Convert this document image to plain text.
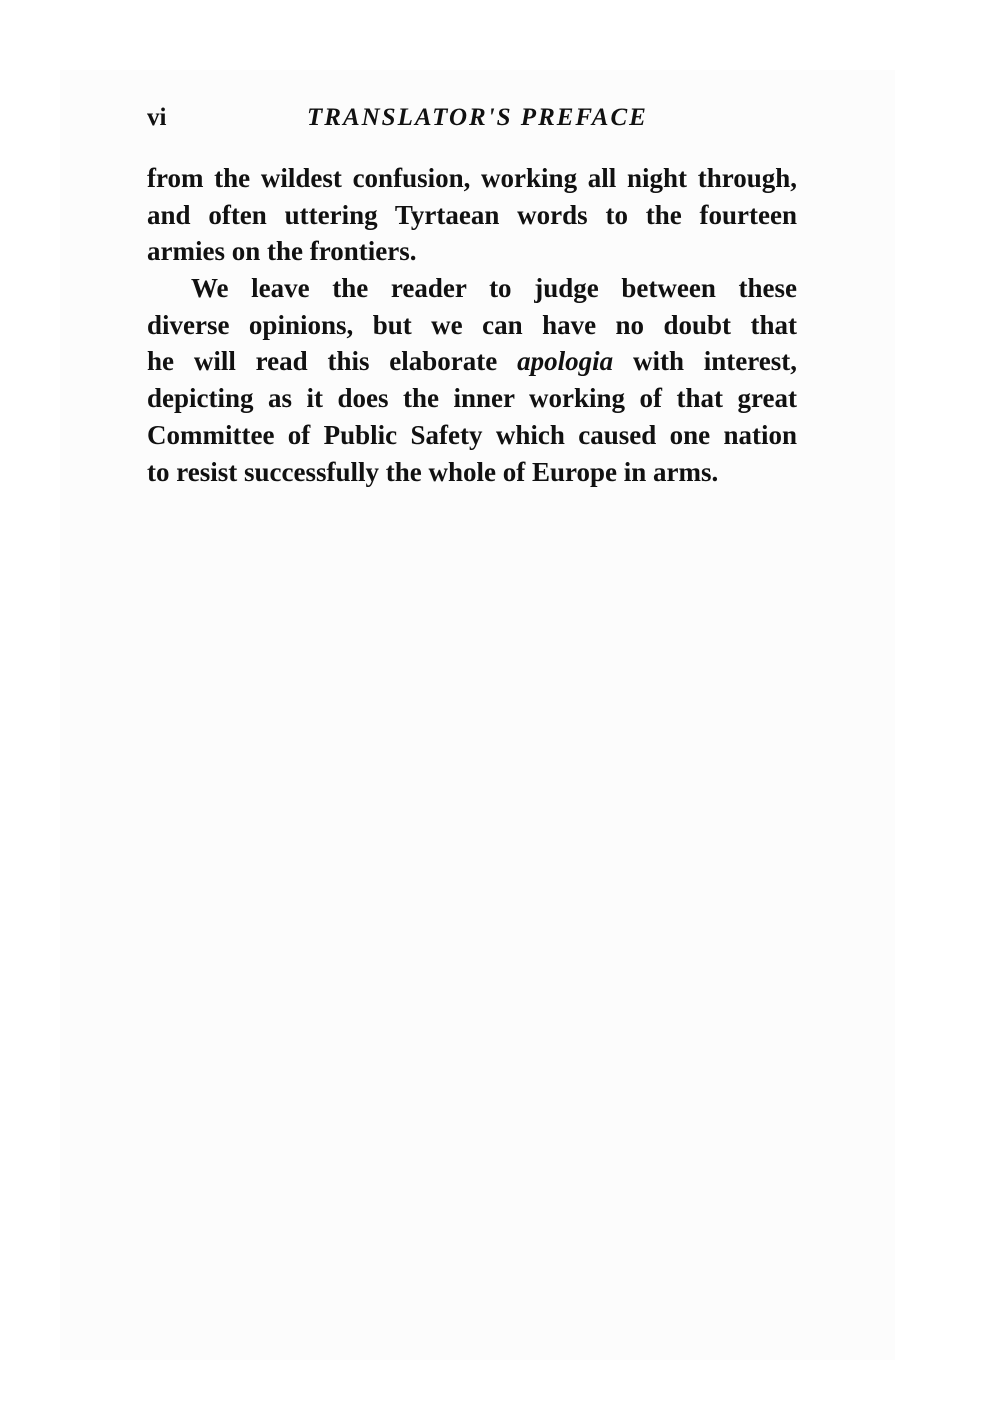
vi	TRANSLATOR'S PREFACE
from the wildest confusion, working all night through,
and often uttering Tyrtaean words to the fourteen
armies on the frontiers.
We leave the reader to judge between these
diverse opinions, but we can have no doubt that
he will read this elaborate apologia with interest,
depicting as it does the inner working of that great
Committee of Public Safety which caused one nation
to resist successfully the whole of Europe in arms.
